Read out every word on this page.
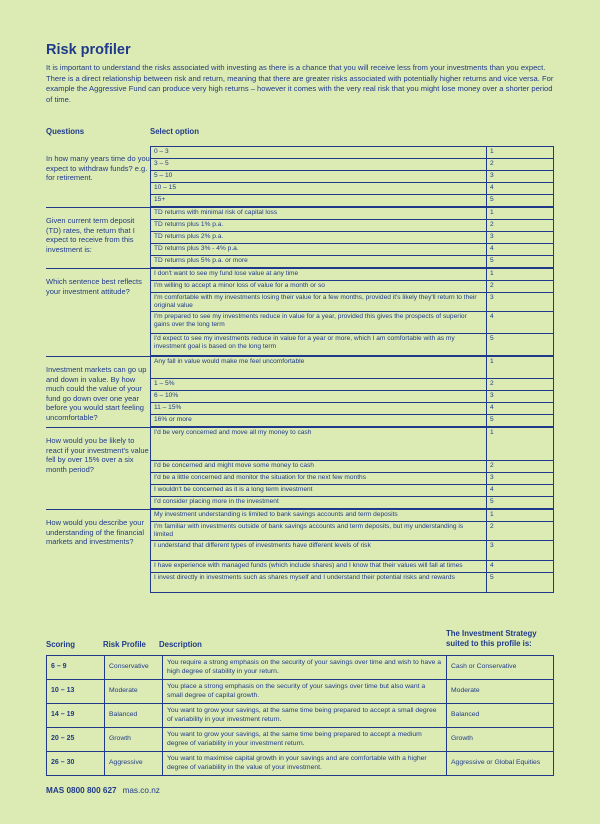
Risk profiler

It is important to understand the risks associated with investing as there is a chance that you will receive less from your investments than you expect. There is a direct relationship between risk and return, meaning that there are greater risks associated with potentially higher returns and vice versa. For example the Aggressive Fund can produce very high returns – however it comes with the very real risk that you might lose money over a shorter period of time.

Questions	Select option
In how many years time do you expect to withdraw funds? e.g. for retirement.
0 – 3	1
3 – 5	2
5 – 10	3
10 – 15	4
15+	5
Given current term deposit (TD) rates, the return that I expect to receive from this investment is:
TD returns with minimal risk of capital loss	1
TD returns plus 1% p.a.	2
TD returns plus 2% p.a.	3
TD returns plus 3% - 4% p.a.	4
TD returns plus 5% p.a. or more	5
Which sentence best reflects your investment attitude?
I don't want to see my fund lose value at any time	1
I'm willing to accept a minor loss of value for a month or so	2
I'm comfortable with my investments losing their value for a few months, provided it's likely they'll return to their original value	3
I'm prepared to see my investments reduce in value for a year, provided this gives the prospects of superior gains over the long term	4
I'd expect to see my investments reduce in value for a year or more, which I am comfortable with as my investment goal is based on the long term	5
Investment markets can go up and down in value. By how much could the value of your fund go down over one year before you would start feeling uncomfortable?
Any fall in value would make me feel uncomfortable	1
1 – 5%	2
6 – 10%	3
11 – 15%	4
16% or more	5
How would you be likely to react if your investment's value fell by over 15% over a six month period?
I'd be very concerned and move all my money to cash	1
I'd be concerned and might move some money to cash	2
I'd be a little concerned and monitor the situation for the next few months	3
I wouldn't be concerned as it is a long term investment	4
I'd consider placing more in the investment	5
How would you describe your understanding of the financial markets and investments?
My investment understanding is limited to bank savings accounts and term deposits	1
I'm familiar with investments outside of bank savings accounts and term deposits, but my understanding is limited	2
I understand that different types of investments have different levels of risk	3
I have experience with managed funds (which include shares) and I know that their values will fall at times	4
I invest directly in investments such as shares myself and I understand their potential risks and rewards	5
Scoring	Risk Profile Description
The Investment Strategy suited to this profile is:
6 – 9	Conservative	You require a strong emphasis on the security of your savings over time and wish to have a high degree of stability in your return.	Cash or Conservative
10 – 13	Moderate	You place a strong emphasis on the security of your savings over time but also want a small degree of capital growth.	Moderate
14 – 19	Balanced	You want to grow your savings, at the same time being prepared to accept a small degree of variability in your investment return.	Balanced
20 – 25	Growth	You want to grow your savings, at the same time being prepared to accept a medium degree of variability in your investment return.	Growth
26 – 30	Aggressive	You want to maximise capital growth in your savings and are comfortable with a higher degree of variability in the value of your investment.	Aggressive or Global Equities
MAS 0800 800 627 mas.co.nz
